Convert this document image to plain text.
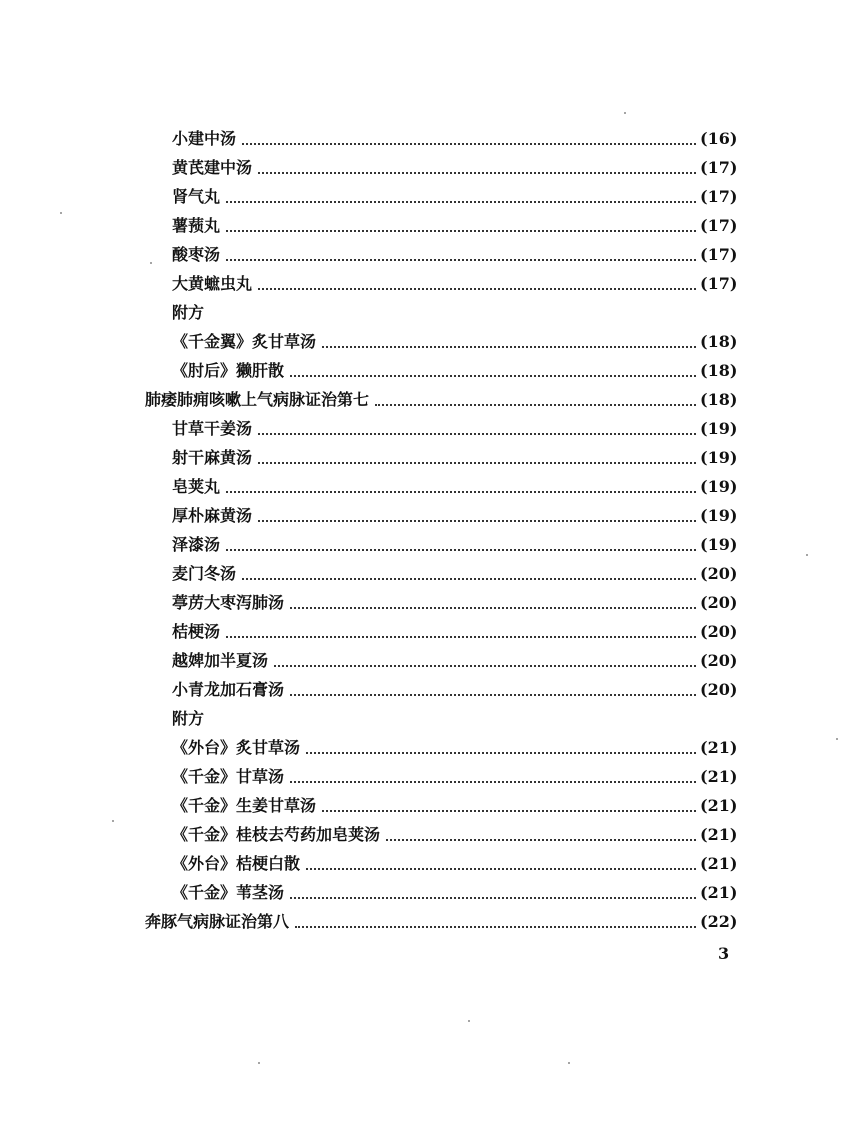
小建中汤	(16)
黄芪建中汤	(17)
肾气丸	(17)
薯蓣丸	(17)
酸枣汤	(17)
大黄蟅虫丸	(17)
附方
《千金翼》炙甘草汤	(18)
《肘后》獭肝散	(18)
肺痿肺痈咳嗽上气病脉证治第七	(18)
甘草干姜汤	(19)
射干麻黄汤	(19)
皂荚丸	(19)
厚朴麻黄汤	(19)
泽漆汤	(19)
麦门冬汤	(20)
葶苈大枣泻肺汤	(20)
桔梗汤	(20)
越婢加半夏汤	(20)
小青龙加石膏汤	(20)
附方
《外台》炙甘草汤	(21)
《千金》甘草汤	(21)
《千金》生姜甘草汤	(21)
《千金》桂枝去芍药加皂荚汤	(21)
《外台》桔梗白散	(21)
《千金》苇茎汤	(21)
奔豚气病脉证治第八	(22)
3
